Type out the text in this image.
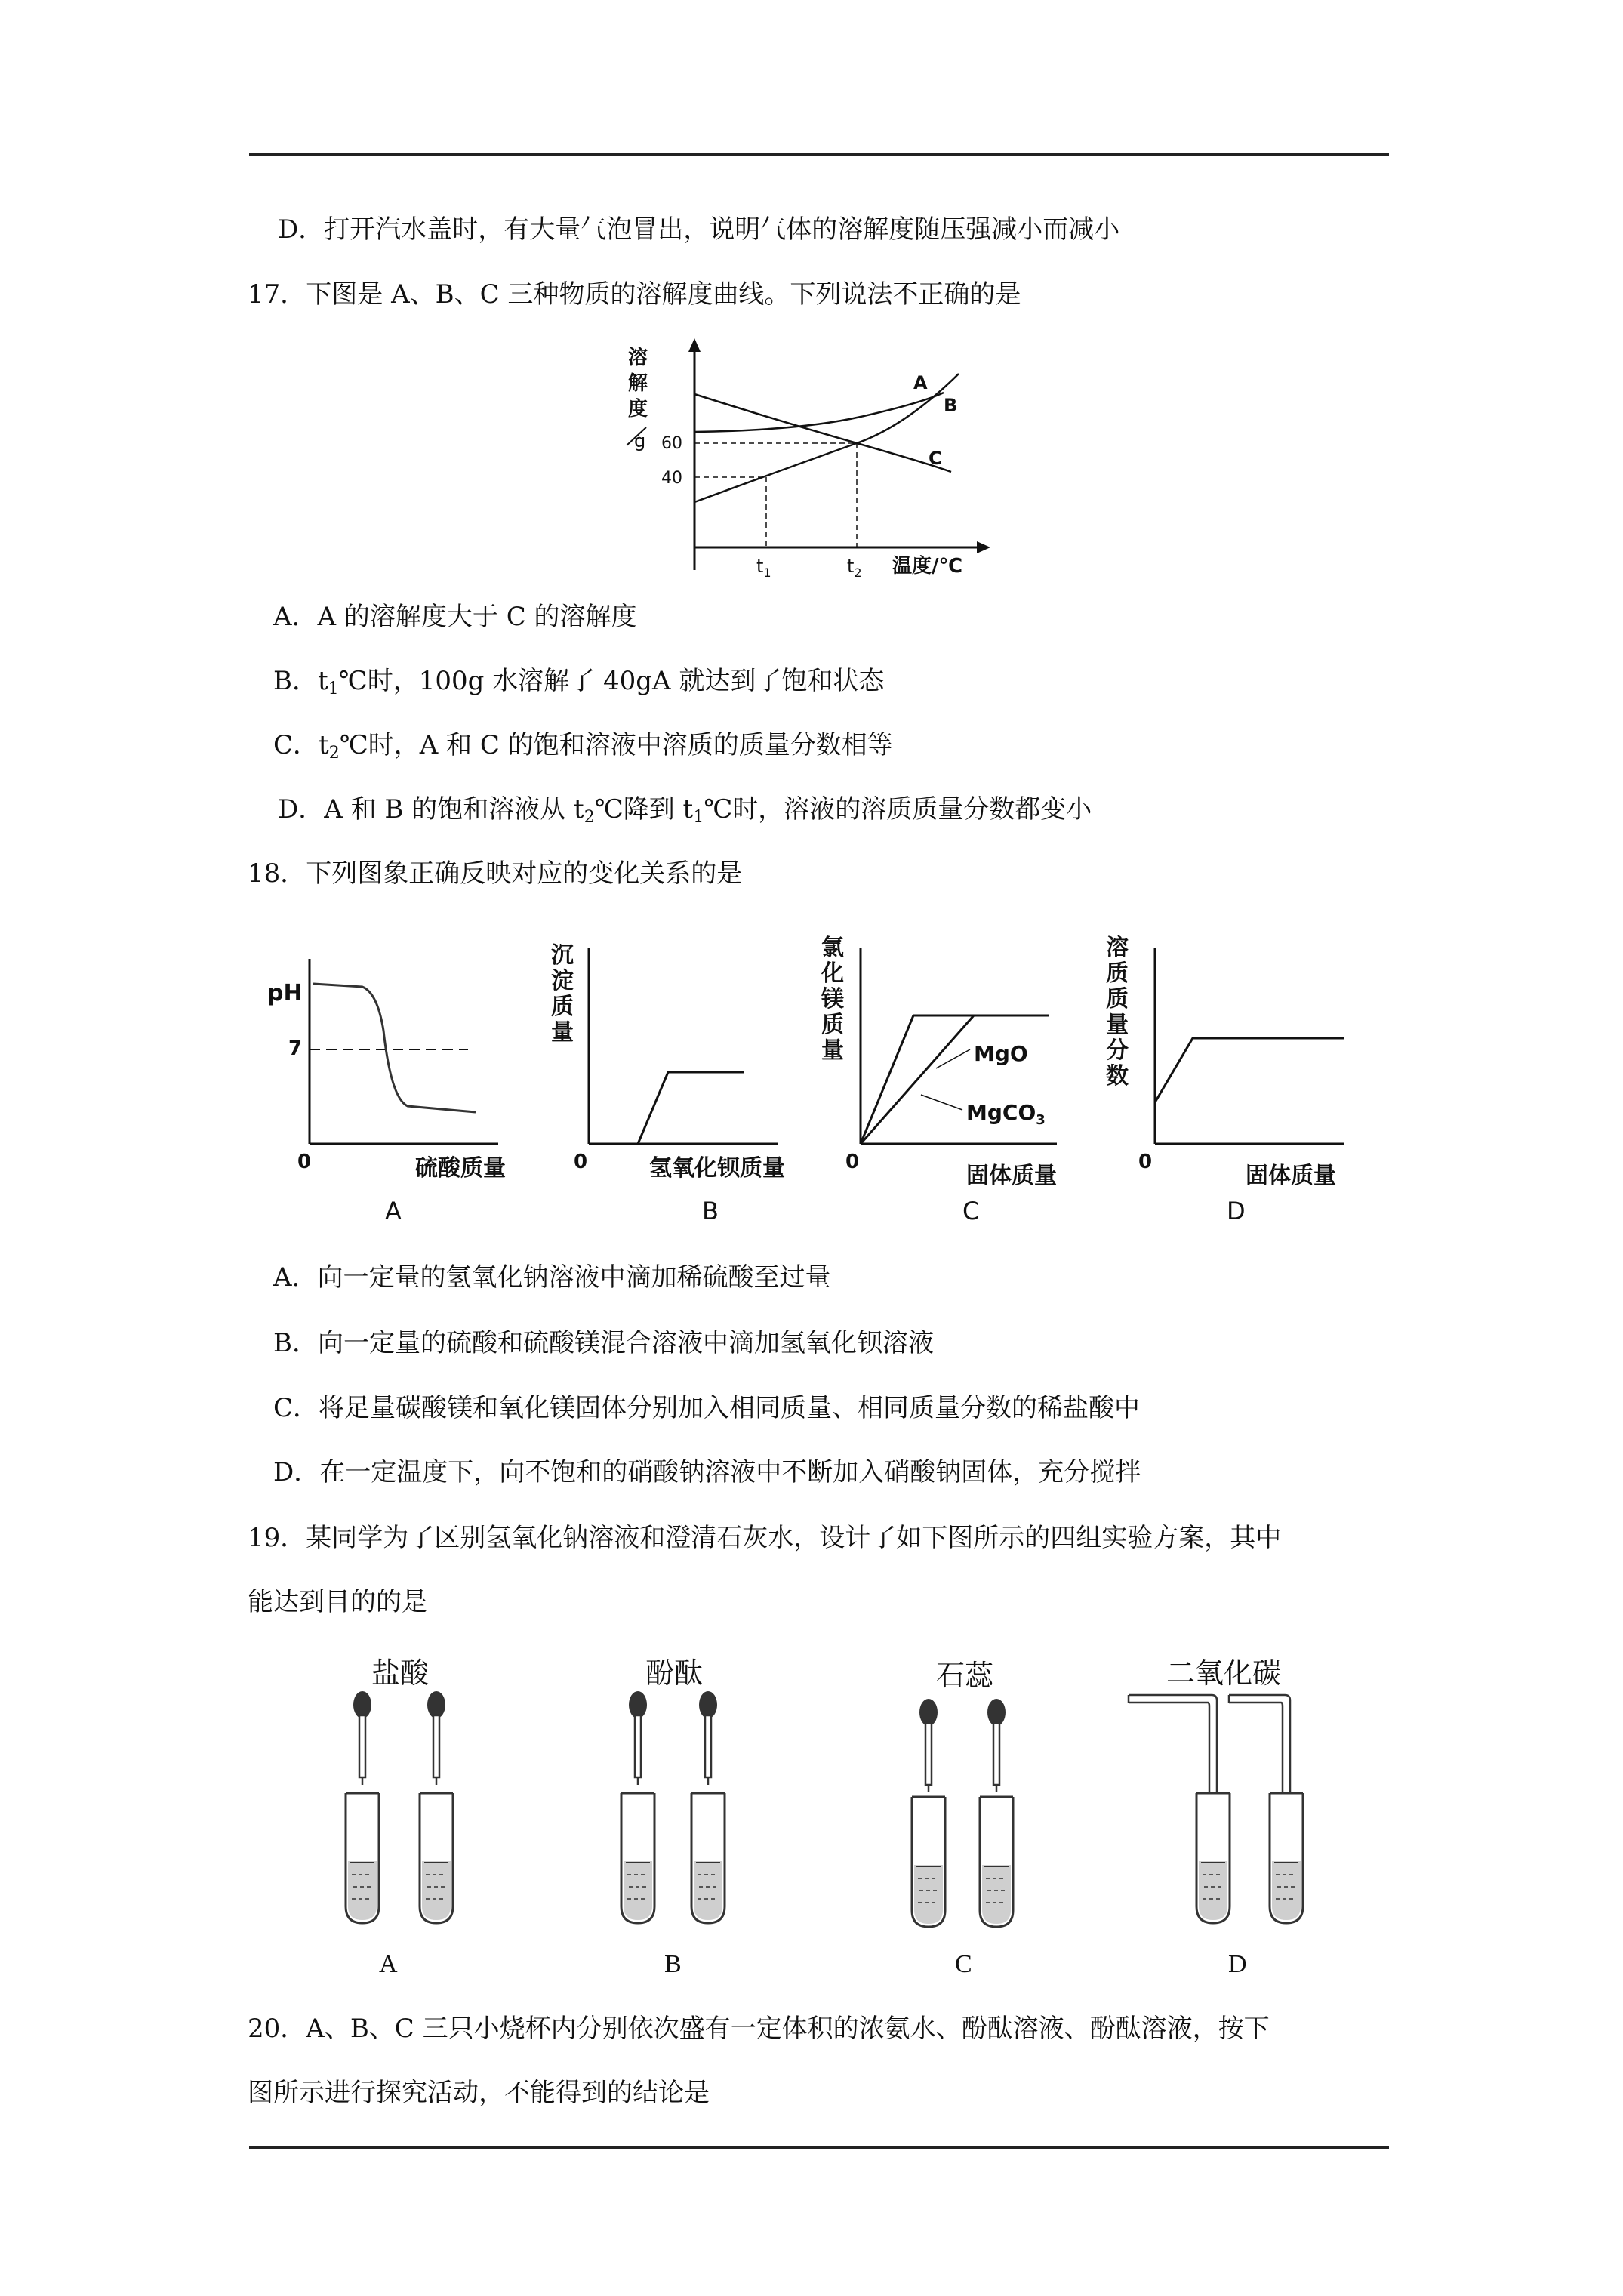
D．打开汽水盖时，有大量气泡冒出，说明气体的溶解度随压强减小而减小
17．下图是 A、B、C 三种物质的溶解度曲线。下列说法不正确的是
溶
解
度
g 60
40
A
B
C
$t_1$	$t_2$ 温度/℃
A．A 的溶解度大于 C 的溶解度
B．$t_1℃$时，100g 水溶解了 40gA 就达到了饱和状态
C．$t_2℃$时，A 和 C 的饱和溶液中溶质的质量分数相等
D．A 和 B 的饱和溶液从 $t_2℃$降到 $t_1℃$时，溶液的溶质质量分数都变小
18．下列图象正确反映对应的变化关系的是
pH
7
0	硫酸质量
A
沉
淀
质
量
0	氢氧化钡质量
B
氯
化
镁
质
量	MgO
MgCO$_3$
0
固体质量
C
溶
质
质
量
分
数
0
固体质量
D
A．向一定量的氢氧化钠溶液中滴加稀硫酸至过量
B．向一定量的硫酸和硫酸镁混合溶液中滴加氢氧化钡溶液
C．将足量碳酸镁和氧化镁固体分别加入相同质量、相同质量分数的稀盐酸中
D．在一定温度下，向不饱和的硝酸钠溶液中不断加入硝酸钠固体，充分搅拌
19．某同学为了区别氢氧化钠溶液和澄清石灰水，设计了如下图所示的四组实验方案，其中
能达到目的的是
盐酸	酚酞	石蕊	二氧化碳
A	B	C	D
20．A、B、C 三只小烧杯内分别依次盛有一定体积的浓氨水、酚酞溶液、酚酞溶液，按下
图所示进行探究活动，不能得到的结论是
